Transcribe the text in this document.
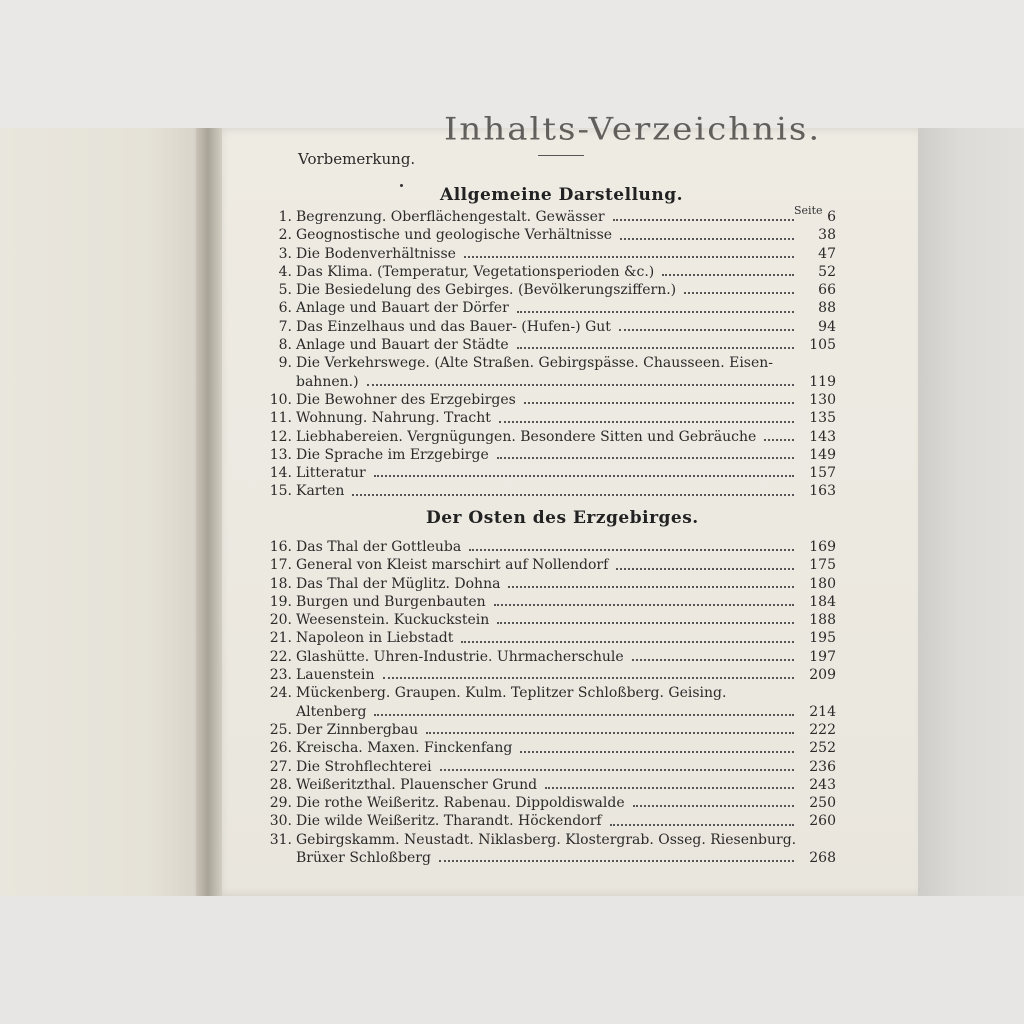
Inhalts-Verzeichnis.
Vorbemerkung.
Allgemeine Darstellung.
Seite
1. Begrenzung. Oberflächengestalt. Gewässer	6
2. Geognostische und geologische Verhältnisse	38
3. Die Bodenverhältnisse	47
4. Das Klima. (Temperatur, Vegetationsperioden &c.)	52
5. Die Besiedelung des Gebirges. (Bevölkerungsziffern.)	66
6. Anlage und Bauart der Dörfer	88
7. Das Einzelhaus und das Bauer- (Hufen-) Gut	94
8. Anlage und Bauart der Städte	105
9. Die Verkehrswege. (Alte Straßen. Gebirgspässe. Chausseen. Eisen-
bahnen.)	119
10. Die Bewohner des Erzgebirges	130
11. Wohnung. Nahrung. Tracht	135
12. Liebhabereien. Vergnügungen. Besondere Sitten und Gebräuche	143
13. Die Sprache im Erzgebirge	149
14. Litteratur	157
15. Karten	163
Der Osten des Erzgebirges.
16. Das Thal der Gottleuba	169
17. General von Kleist marschirt auf Nollendorf	175
18. Das Thal der Müglitz. Dohna	180
19. Burgen und Burgenbauten	184
20. Weesenstein. Kuckuckstein	188
21. Napoleon in Liebstadt	195
22. Glashütte. Uhren-Industrie. Uhrmacherschule	197
23. Lauenstein	209
24. Mückenberg. Graupen. Kulm. Teplitzer Schloßberg. Geising.
Altenberg	214
25. Der Zinnbergbau	222
26. Kreischa. Maxen. Finckenfang	252
27. Die Strohflechterei	236
28. Weißeritzthal. Plauenscher Grund	243
29. Die rothe Weißeritz. Rabenau. Dippoldiswalde	250
30. Die wilde Weißeritz. Tharandt. Höckendorf	260
31. Gebirgskamm. Neustadt. Niklasberg. Klostergrab. Osseg. Riesenburg.
Brüxer Schloßberg	268
